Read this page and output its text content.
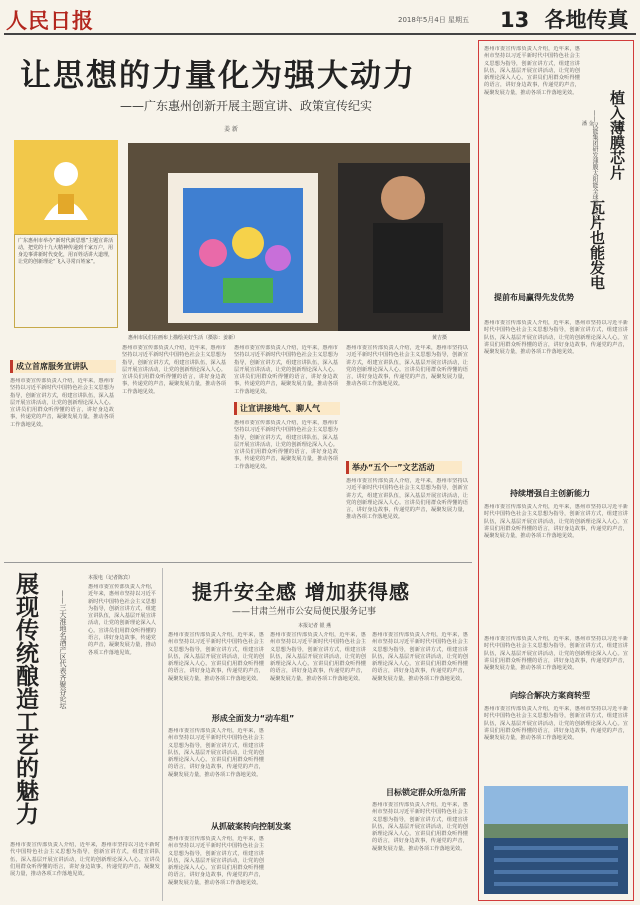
人民日报	2018年5月4日 星期五 13 各地传真
让思想的力量化为强大动力
——广东惠州创新开展主题宣讲、政策宣传纪实
姜 新
广东惠州市举办“新时代新思想”主题宣讲活动，把党的十九大精神传递到千家万户，用身边事讲新时代变化，用百姓话讲大道理，让党的创新理论“飞入寻常百姓家”。
惠州市民们在画布上描绘美好生活（摄影：姜新）	黄吉摄
成立首席服务宣讲队
惠州市委宣传部负责人介绍，近年来，惠州市坚持以习近平新时代中国特色社会主义思想为指导，创新宣讲方式，组建宣讲队伍，深入基层开展宣讲活动，让党的创新理论深入人心。宣讲员们用群众听得懂的语言，讲好身边故事，传递党的声音，凝聚发展力量，推动各项工作落地见效。
惠州市委宣传部负责人介绍，近年来，惠州市坚持以习近平新时代中国特色社会主义思想为指导，创新宣讲方式，组建宣讲队伍，深入基层开展宣讲活动，让党的创新理论深入人心。宣讲员们用群众听得懂的语言，讲好身边故事，传递党的声音，凝聚发展力量，推动各项工作落地见效。
让宣讲接地气、聊人气
惠州市委宣传部负责人介绍，近年来，惠州市坚持以习近平新时代中国特色社会主义思想为指导，创新宣讲方式，组建宣讲队伍，深入基层开展宣讲活动，让党的创新理论深入人心。宣讲员们用群众听得懂的语言，讲好身边故事，传递党的声音，凝聚发展力量，推动各项工作落地见效。
惠州市委宣传部负责人介绍，近年来，惠州市坚持以习近平新时代中国特色社会主义思想为指导，创新宣讲方式，组建宣讲队伍，深入基层开展宣讲活动，让党的创新理论深入人心。宣讲员们用群众听得懂的语言，讲好身边故事，传递党的声音，凝聚发展力量，推动各项工作落地见效。	举办“五个一”文艺活动
惠州市委宣传部负责人介绍，近年来，惠州市坚持以习近平新时代中国特色社会主义思想为指导，创新宣讲方式，组建宣讲队伍，深入基层开展宣讲活动，让党的创新理论深入人心。宣讲员们用群众听得懂的语言，讲好身边故事，传递党的声音，凝聚发展力量，推动各项工作落地见效。
惠州市委宣传部负责人介绍，近年来，惠州市坚持以习近平新时代中国特色社会主义思想为指导，创新宣讲方式，组建宣讲队伍，深入基层开展宣讲活动，让党的创新理论深入人心。宣讲员们用群众听得懂的语言，讲好身边故事，传递党的声音，凝聚发展力量，推动各项工作落地见效。
展现传统酿造工艺的魅力	——三大淮地名酒产区代表齐聚谷论坛
本报电（记者陈宾）
惠州市委宣传部负责人介绍，近年来，惠州市坚持以习近平新时代中国特色社会主义思想为指导，创新宣讲方式，组建宣讲队伍，深入基层开展宣讲活动，让党的创新理论深入人心。宣讲员们用群众听得懂的语言，讲好身边故事，传递党的声音，凝聚发展力量，推动各项工作落地见效。
惠州市委宣传部负责人介绍，近年来，惠州市坚持以习近平新时代中国特色社会主义思想为指导，创新宣讲方式，组建宣讲队伍，深入基层开展宣讲活动，让党的创新理论深入人心。宣讲员们用群众听得懂的语言，讲好身边故事，传递党的声音，凝聚发展力量，推动各项工作落地见效。
提升安全感 增加获得感
——甘肃兰州市公安局便民服务记事
本报记者 银 燕
惠州市委宣传部负责人介绍，近年来，惠州市坚持以习近平新时代中国特色社会主义思想为指导，创新宣讲方式，组建宣讲队伍，深入基层开展宣讲活动，让党的创新理论深入人心。宣讲员们用群众听得懂的语言，讲好身边故事，传递党的声音，凝聚发展力量，推动各项工作落地见效。
形成全面发力“动车组”
惠州市委宣传部负责人介绍，近年来，惠州市坚持以习近平新时代中国特色社会主义思想为指导，创新宣讲方式，组建宣讲队伍，深入基层开展宣讲活动，让党的创新理论深入人心。宣讲员们用群众听得懂的语言，讲好身边故事，传递党的声音，凝聚发展力量，推动各项工作落地见效。
从抓破案转向控制发案
惠州市委宣传部负责人介绍，近年来，惠州市坚持以习近平新时代中国特色社会主义思想为指导，创新宣讲方式，组建宣讲队伍，深入基层开展宣讲活动，让党的创新理论深入人心。宣讲员们用群众听得懂的语言，讲好身边故事，传递党的声音，凝聚发展力量，推动各项工作落地见效。
惠州市委宣传部负责人介绍，近年来，惠州市坚持以习近平新时代中国特色社会主义思想为指导，创新宣讲方式，组建宣讲队伍，深入基层开展宣讲活动，让党的创新理论深入人心。宣讲员们用群众听得懂的语言，讲好身边故事，传递党的声音，凝聚发展力量，推动各项工作落地见效。
惠州市委宣传部负责人介绍，近年来，惠州市坚持以习近平新时代中国特色社会主义思想为指导，创新宣讲方式，组建宣讲队伍，深入基层开展宣讲活动，让党的创新理论深入人心。宣讲员们用群众听得懂的语言，讲好身边故事，传递党的声音，凝聚发展力量，推动各项工作落地见效。
目标锁定群众所急所需
惠州市委宣传部负责人介绍，近年来，惠州市坚持以习近平新时代中国特色社会主义思想为指导，创新宣讲方式，组建宣讲队伍，深入基层开展宣讲活动，让党的创新理论深入人心。宣讲员们用群众听得懂的语言，讲好身边故事，传递党的声音，凝聚发展力量，推动各项工作落地见效。
惠州市委宣传部负责人介绍，近年来，惠州市坚持以习近平新时代中国特色社会主义思想为指导，创新宣讲方式，组建宣讲队伍，深入基层开展宣讲活动，让党的创新理论深入人心。宣讲员们用群众听得懂的语言，讲好身边故事，传递党的声音，凝聚发展力量，推动各项工作落地见效。 植入薄膜芯片
瓦片也能发电
——汉能集团研发薄膜太阳能全球领先技术
潘 金
提前布局赢得先发优势
惠州市委宣传部负责人介绍，近年来，惠州市坚持以习近平新时代中国特色社会主义思想为指导，创新宣讲方式，组建宣讲队伍，深入基层开展宣讲活动，让党的创新理论深入人心。宣讲员们用群众听得懂的语言，讲好身边故事，传递党的声音，凝聚发展力量，推动各项工作落地见效。
持续增强自主创新能力
惠州市委宣传部负责人介绍，近年来，惠州市坚持以习近平新时代中国特色社会主义思想为指导，创新宣讲方式，组建宣讲队伍，深入基层开展宣讲活动，让党的创新理论深入人心。宣讲员们用群众听得懂的语言，讲好身边故事，传递党的声音，凝聚发展力量，推动各项工作落地见效。
向综合解决方案商转型
惠州市委宣传部负责人介绍，近年来，惠州市坚持以习近平新时代中国特色社会主义思想为指导，创新宣讲方式，组建宣讲队伍，深入基层开展宣讲活动，让党的创新理论深入人心。宣讲员们用群众听得懂的语言，讲好身边故事，传递党的声音，凝聚发展力量，推动各项工作落地见效。
惠州市委宣传部负责人介绍，近年来，惠州市坚持以习近平新时代中国特色社会主义思想为指导，创新宣讲方式，组建宣讲队伍，深入基层开展宣讲活动，让党的创新理论深入人心。宣讲员们用群众听得懂的语言，讲好身边故事，传递党的声音，凝聚发展力量，推动各项工作落地见效。
